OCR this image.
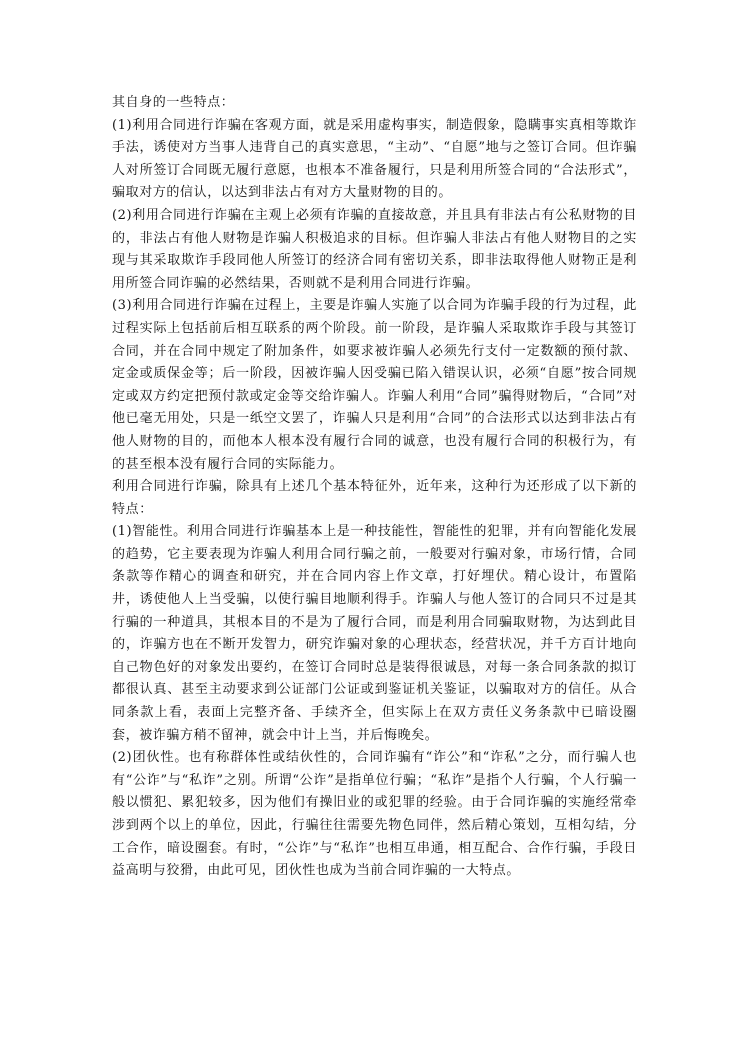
其自身的一些特点：

(1)利用合同进行诈骗在客观方面，就是采用虚构事实，制造假象，隐瞒事实真相等欺诈手法，诱使对方当事人违背自己的真实意思，“主动”、“自愿”地与之签订合同。但诈骗人对所签订合同既无履行意愿，也根本不准备履行，只是利用所签合同的“合法形式”，骗取对方的信认，以达到非法占有对方大量财物的目的。

(2)利用合同进行诈骗在主观上必须有诈骗的直接故意，并且具有非法占有公私财物的目的，非法占有他人财物是诈骗人积极追求的目标。但诈骗人非法占有他人财物目的之实现与其采取欺诈手段同他人所签订的经济合同有密切关系，即非法取得他人财物正是利用所签合同诈骗的必然结果，否则就不是利用合同进行诈骗。

(3)利用合同进行诈骗在过程上，主要是诈骗人实施了以合同为诈骗手段的行为过程，此过程实际上包括前后相互联系的两个阶段。前一阶段，是诈骗人采取欺诈手段与其签订合同，并在合同中规定了附加条件，如要求被诈骗人必须先行支付一定数额的预付款、定金或质保金等；后一阶段，因被诈骗人因受骗已陷入错误认识，必须“自愿”按合同规定或双方约定把预付款或定金等交给诈骗人。诈骗人利用“合同”骗得财物后，“合同”对他已毫无用处，只是一纸空文罢了，诈骗人只是利用“合同”的合法形式以达到非法占有他人财物的目的，而他本人根本没有履行合同的诚意，也没有履行合同的积极行为，有的甚至根本没有履行合同的实际能力。

利用合同进行诈骗，除具有上述几个基本特征外，近年来，这种行为还形成了以下新的特点：

(1)智能性。利用合同进行诈骗基本上是一种技能性，智能性的犯罪，并有向智能化发展的趋势，它主要表现为诈骗人利用合同行骗之前，一般要对行骗对象，市场行情，合同条款等作精心的调查和研究，并在合同内容上作文章，打好埋伏。精心设计，布置陷井，诱使他人上当受骗，以使行骗目地顺利得手。诈骗人与他人签订的合同只不过是其行骗的一种道具，其根本目的不是为了履行合同，而是利用合同骗取财物，为达到此目的，诈骗方也在不断开发智力，研究诈骗对象的心理状态，经营状况，并千方百计地向自己物色好的对象发出要约，在签订合同时总是装得很诚恳，对每一条合同条款的拟订都很认真、甚至主动要求到公证部门公证或到鉴证机关鉴证，以骗取对方的信任。从合同条款上看，表面上完整齐备、手续齐全，但实际上在双方责任义务条款中已暗设圈套，被诈骗方稍不留神，就会中计上当，并后悔晚矣。

(2)团伙性。也有称群体性或结伙性的，合同诈骗有“诈公”和“诈私”之分，而行骗人也有“公诈”与“私诈”之别。所谓“公诈”是指单位行骗；“私诈”是指个人行骗，个人行骗一般以惯犯、累犯较多，因为他们有操旧业的或犯罪的经验。由于合同诈骗的实施经常牵涉到两个以上的单位，因此，行骗往往需要先物色同伴，然后精心策划，互相勾结，分工合作，暗设圈套。有时，“公诈”与“私诈”也相互串通，相互配合、合作行骗，手段日益高明与狡猾，由此可见，团伙性也成为当前合同诈骗的一大特点。
